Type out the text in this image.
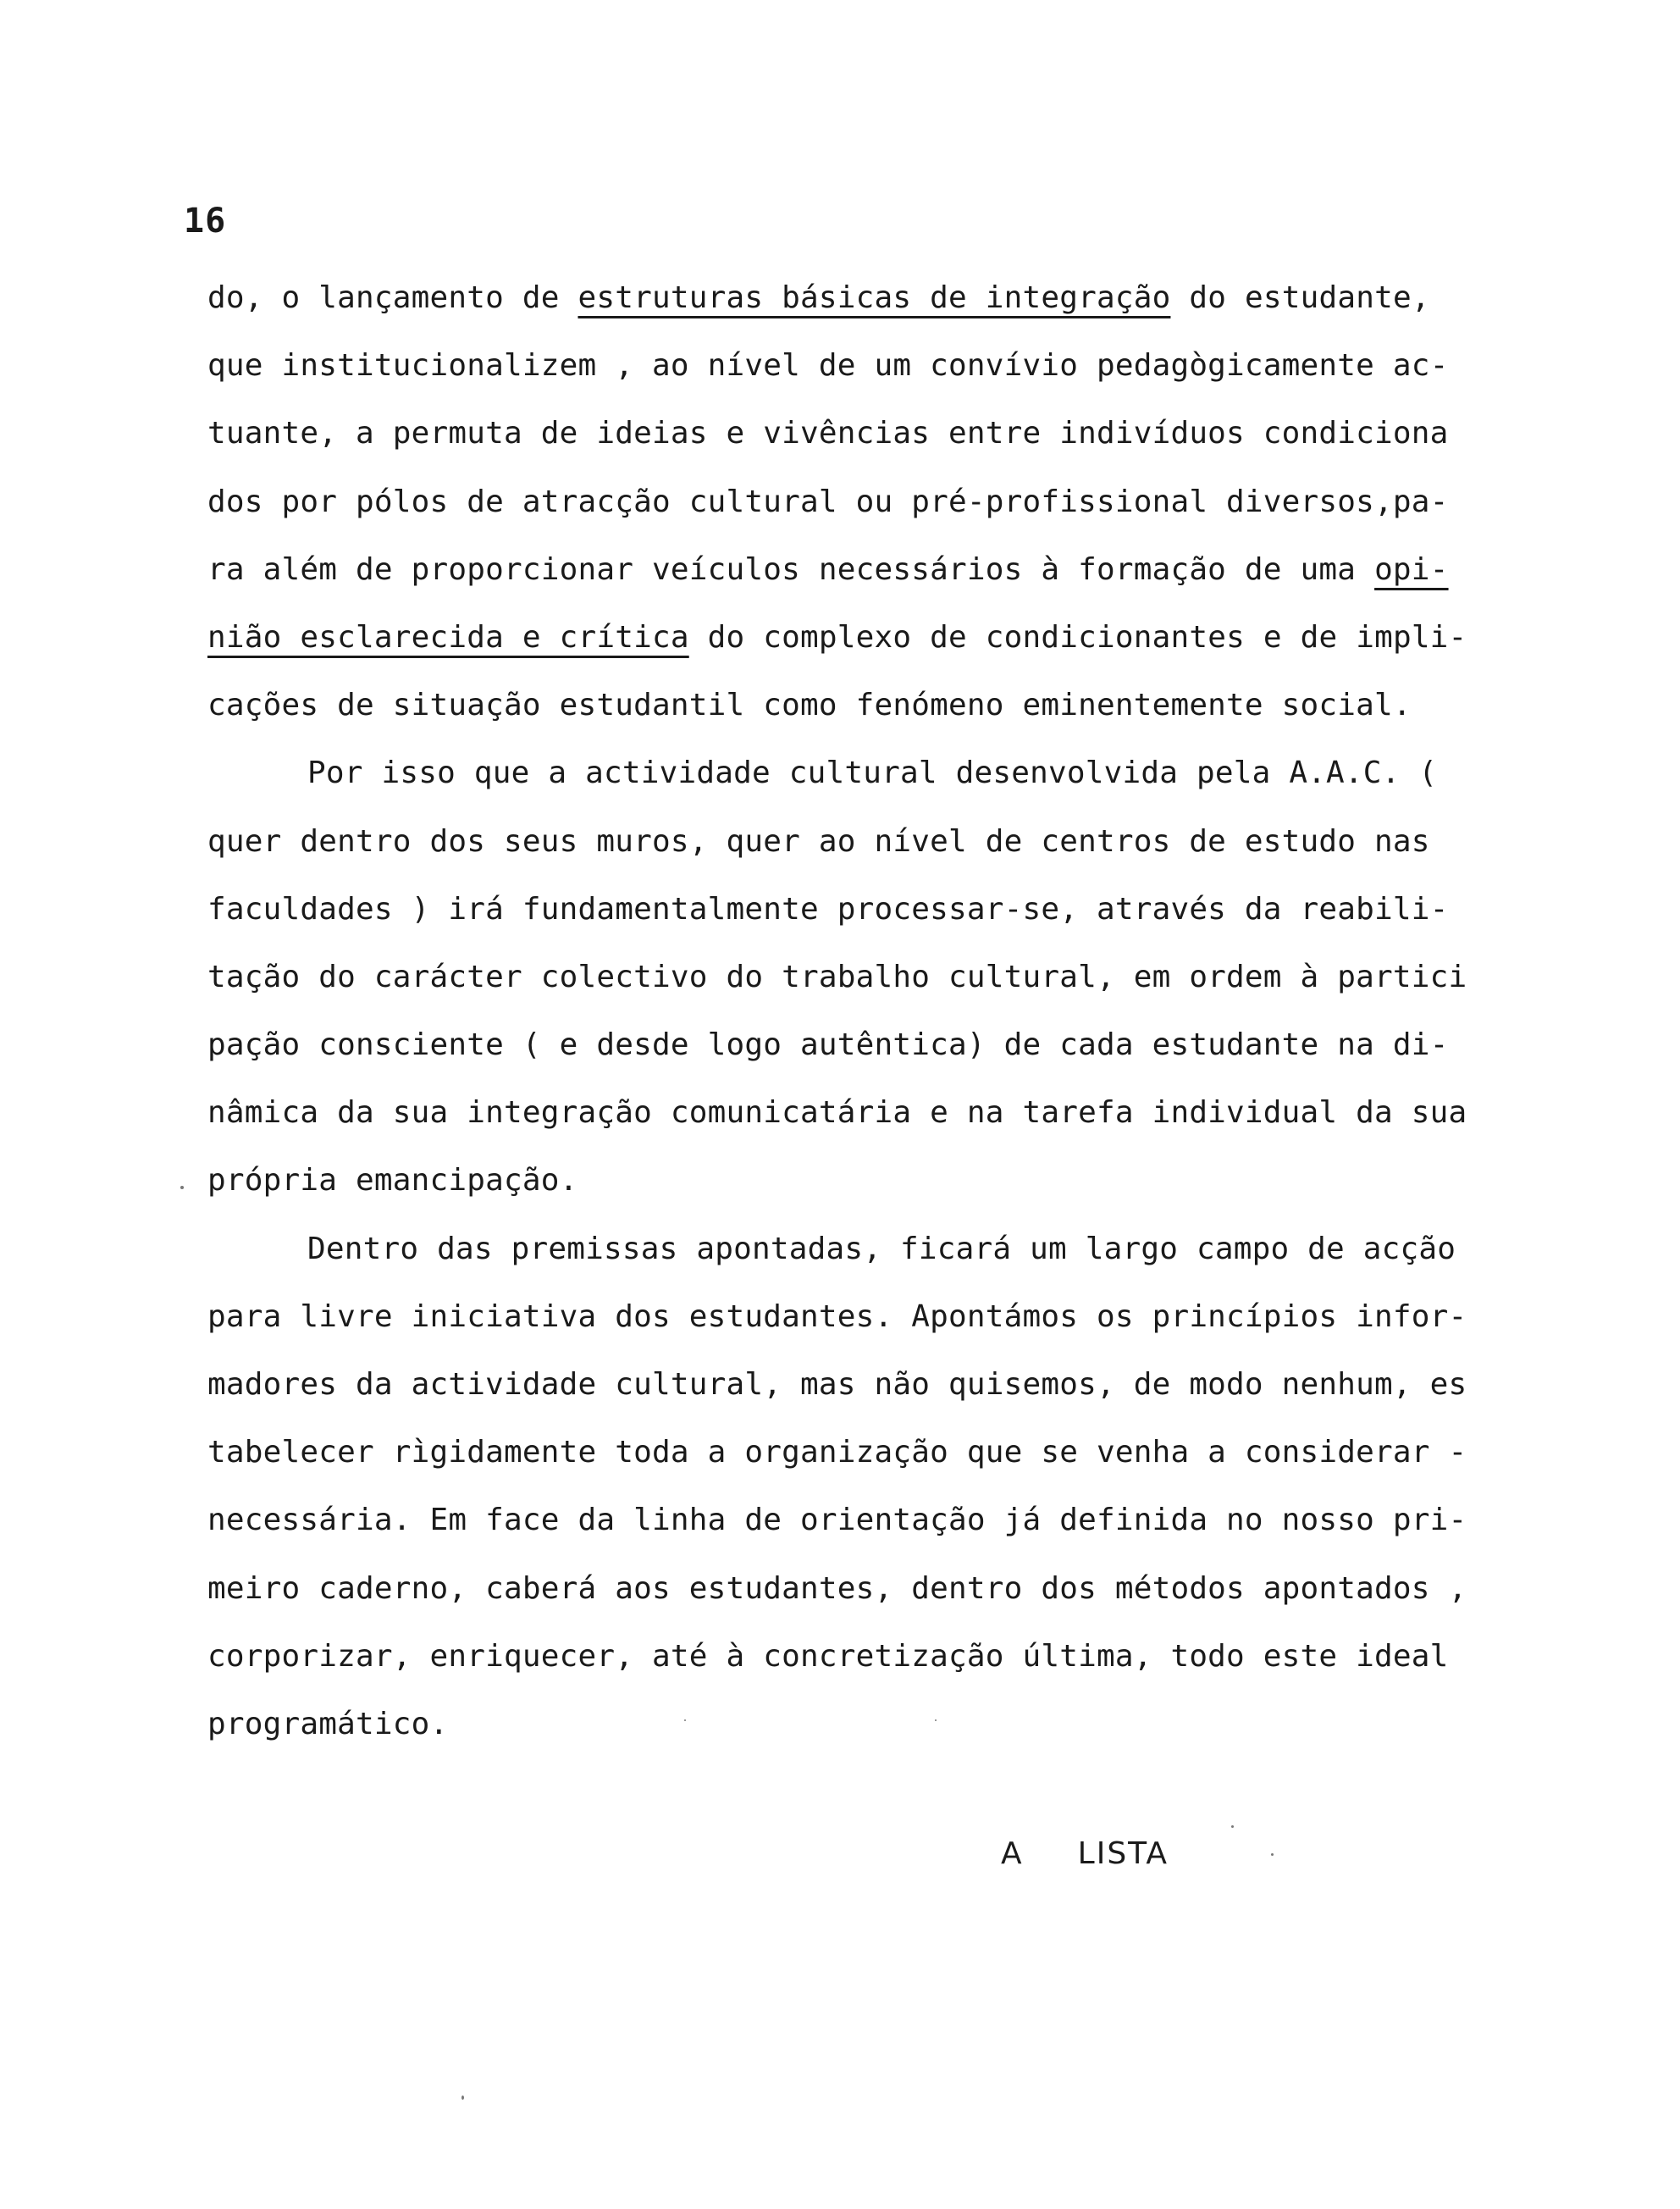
16
do, o lançamento de estruturas básicas de integração do estudante,
que institucionalizem , ao nível de um convívio pedagògicamente ac-
tuante, a permuta de ideias e vivências entre indivíduos condiciona
dos por pólos de atracção cultural ou pré-profissional diversos,pa-
ra além de proporcionar veículos necessários à formação de uma opi-
nião esclarecida e crítica do complexo de condicionantes e de impli-
cações de situação estudantil como fenómeno eminentemente social.
Por isso que a actividade cultural desenvolvida pela A.A.C. (
quer dentro dos seus muros, quer ao nível de centros de estudo nas
faculdades ) irá fundamentalmente processar-se, através da reabili-
tação do carácter colectivo do trabalho cultural, em ordem à partici
pação consciente ( e desde logo autêntica) de cada estudante na di-
nâmica da sua integração comunicatária e na tarefa individual da sua
própria emancipação.
Dentro das premissas apontadas, ficará um largo campo de acção
para livre iniciativa dos estudantes. Apontámos os princípios infor-
madores da actividade cultural, mas não quisemos, de modo nenhum, es
tabelecer rìgidamente toda a organização que se venha a considerar -
necessária. Em face da linha de orientação já definida no nosso pri-
meiro caderno, caberá aos estudantes, dentro dos métodos apontados ,
corporizar, enriquecer, até à concretização última, todo este ideal
programático.
A LISTA
